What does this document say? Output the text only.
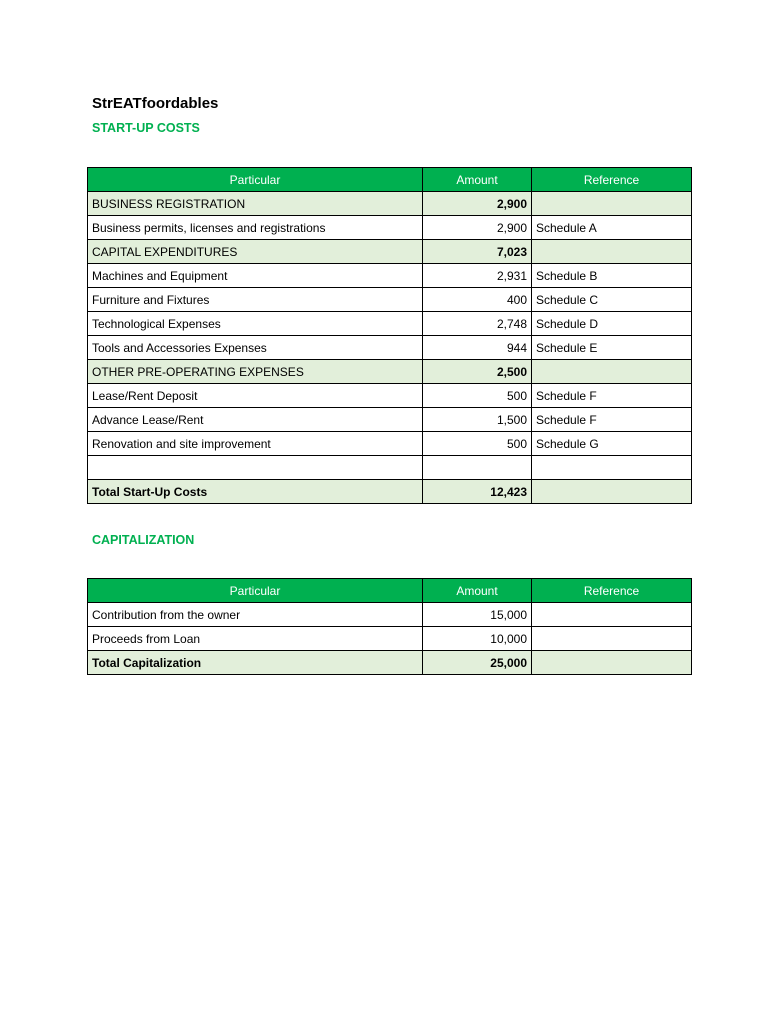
StrEATfoordables
START-UP COSTS
Particular	Amount	Reference
BUSINESS REGISTRATION	2,900	
Business permits, licenses and registrations	2,900	Schedule A
CAPITAL EXPENDITURES	7,023	
Machines and Equipment	2,931	Schedule B
Furniture and Fixtures	400	Schedule C
Technological Expenses	2,748	Schedule D
Tools and Accessories Expenses	944	Schedule E
OTHER PRE-OPERATING EXPENSES	2,500	
Lease/Rent Deposit	500	Schedule F
Advance Lease/Rent	1,500	Schedule F
Renovation and site improvement	500	Schedule G

Total Start-Up Costs	12,423	
CAPITALIZATION
Particular	Amount	Reference
Contribution from the owner	15,000	
Proceeds from Loan	10,000	
Total Capitalization	25,000	
